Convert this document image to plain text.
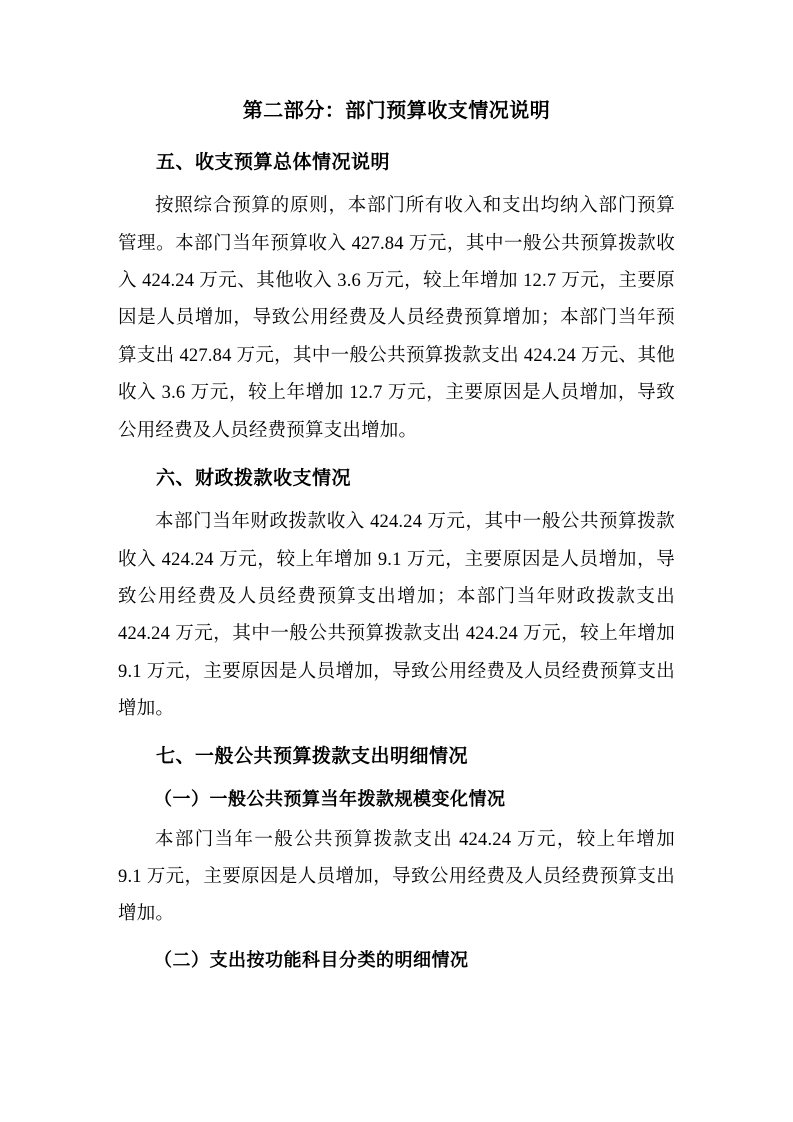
第二部分：部门预算收支情况说明
五、收支预算总体情况说明

按照综合预算的原则，本部门所有收入和支出均纳入部门预算管理。本部门当年预算收入 427.84 万元，其中一般公共预算拨款收入 424.24 万元、其他收入 3.6 万元，较上年增加 12.7 万元，主要原因是人员增加，导致公用经费及人员经费预算增加；本部门当年预算支出 427.84 万元，其中一般公共预算拨款支出 424.24 万元、其他收入 3.6 万元，较上年增加 12.7 万元，主要原因是人员增加，导致公用经费及人员经费预算支出增加。

六、财政拨款收支情况

本部门当年财政拨款收入 424.24 万元，其中一般公共预算拨款收入 424.24 万元，较上年增加 9.1 万元，主要原因是人员增加，导致公用经费及人员经费预算支出增加；本部门当年财政拨款支出 424.24 万元，其中一般公共预算拨款支出 424.24 万元，较上年增加 9.1 万元，主要原因是人员增加，导致公用经费及人员经费预算支出增加。

七、一般公共预算拨款支出明细情况
（一）一般公共预算当年拨款规模变化情况

本部门当年一般公共预算拨款支出 424.24 万元，较上年增加 9.1 万元，主要原因是人员增加，导致公用经费及人员经费预算支出增加。

（二）支出按功能科目分类的明细情况
